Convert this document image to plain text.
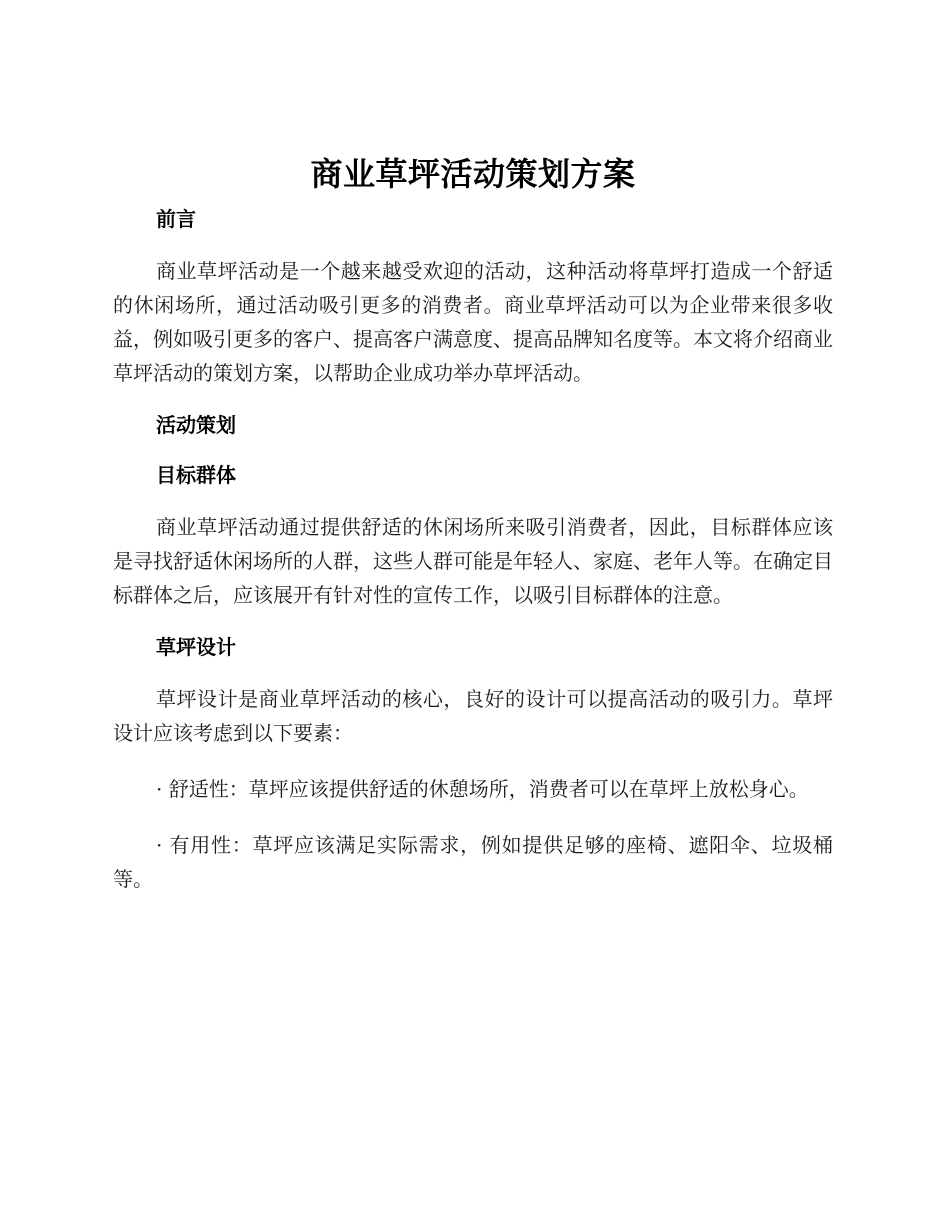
商业草坪活动策划方案
前言

商业草坪活动是一个越来越受欢迎的活动，这种活动将草坪打造成一个舒适的休闲场所，通过活动吸引更多的消费者。商业草坪活动可以为企业带来很多收益，例如吸引更多的客户、提高客户满意度、提高品牌知名度等。本文将介绍商业草坪活动的策划方案，以帮助企业成功举办草坪活动。

活动策划
目标群体

商业草坪活动通过提供舒适的休闲场所来吸引消费者，因此，目标群体应该是寻找舒适休闲场所的人群，这些人群可能是年轻人、家庭、老年人等。在确定目标群体之后，应该展开有针对性的宣传工作，以吸引目标群体的注意。

草坪设计

草坪设计是商业草坪活动的核心，良好的设计可以提高活动的吸引力。草坪设计应该考虑到以下要素：

· 舒适性：草坪应该提供舒适的休憩场所，消费者可以在草坪上放松身心。

· 有用性：草坪应该满足实际需求，例如提供足够的座椅、遮阳伞、垃圾桶等。
